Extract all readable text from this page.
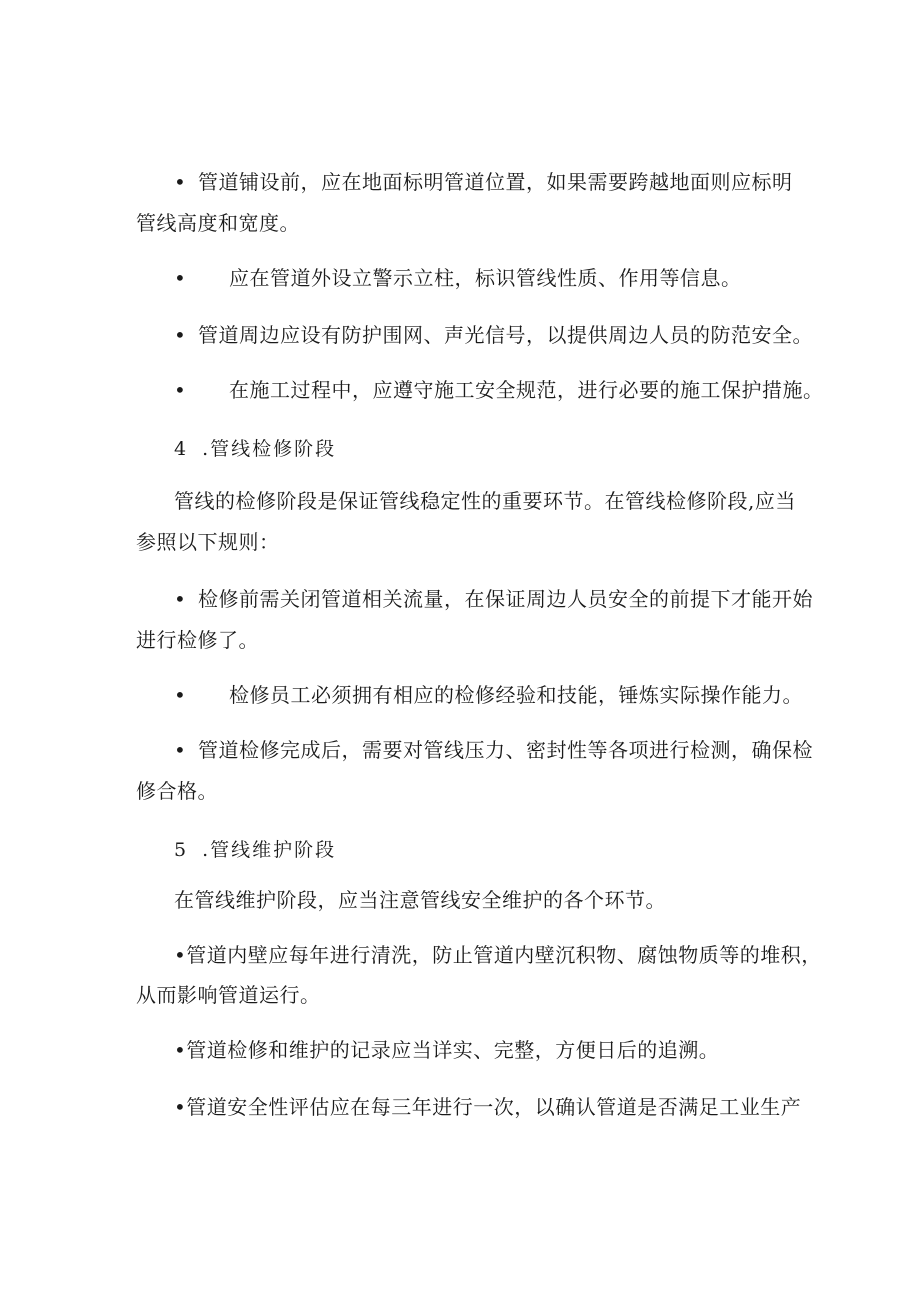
• 管道铺设前，应在地面标明管道位置，如果需要跨越地面则应标明
管线高度和宽度。
• 应在管道外设立警示立柱，标识管线性质、作用等信息。
• 管道周边应设有防护围网、声光信号，以提供周边人员的防范安全。
• 在施工过程中，应遵守施工安全规范，进行必要的施工保护措施。
4 .管线检修阶段
管线的检修阶段是保证管线稳定性的重要环节。在管线检修阶段,应当
参照以下规则：
• 检修前需关闭管道相关流量，在保证周边人员安全的前提下才能开始
进行检修了。
• 检修员工必须拥有相应的检修经验和技能，锤炼实际操作能力。
• 管道检修完成后，需要对管线压力、密封性等各项进行检测，确保检
修合格。
5 .管线维护阶段
在管线维护阶段，应当注意管线安全维护的各个环节。
•管道内壁应每年进行清洗，防止管道内壁沉积物、腐蚀物质等的堆积，
从而影响管道运行。
•管道检修和维护的记录应当详实、完整，方便日后的追溯。
•管道安全性评估应在每三年进行一次，以确认管道是否满足工业生产
